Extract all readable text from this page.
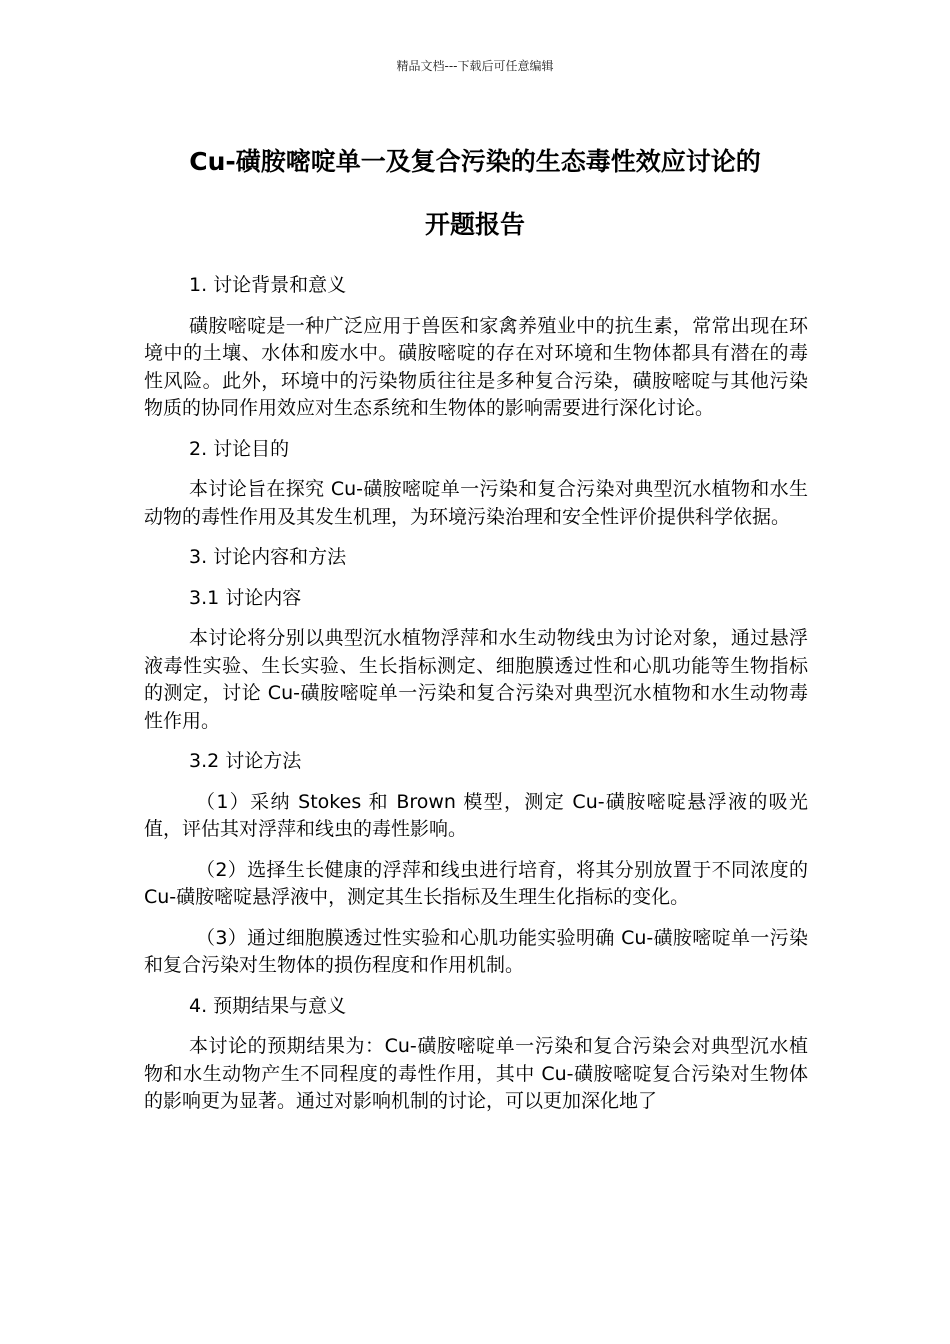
精品文档---下载后可任意编辑
Cu-磺胺嘧啶单一及复合污染的生态毒性效应讨论的
开题报告

1. 讨论背景和意义

磺胺嘧啶是一种广泛应用于兽医和家禽养殖业中的抗生素，常常出现在环境中的土壤、水体和废水中。磺胺嘧啶的存在对环境和生物体都具有潜在的毒性风险。此外，环境中的污染物质往往是多种复合污染，磺胺嘧啶与其他污染物质的协同作用效应对生态系统和生物体的影响需要进行深化讨论。

2. 讨论目的

本讨论旨在探究 Cu-磺胺嘧啶单一污染和复合污染对典型沉水植物和水生动物的毒性作用及其发生机理，为环境污染治理和安全性评价提供科学依据。

3. 讨论内容和方法

3.1 讨论内容

本讨论将分别以典型沉水植物浮萍和水生动物线虫为讨论对象，通过悬浮液毒性实验、生长实验、生长指标测定、细胞膜透过性和心肌功能等生物指标的测定，讨论 Cu-磺胺嘧啶单一污染和复合污染对典型沉水植物和水生动物毒性作用。

3.2 讨论方法

（1）采纳 Stokes 和 Brown 模型，测定 Cu-磺胺嘧啶悬浮液的吸光值，评估其对浮萍和线虫的毒性影响。

（2）选择生长健康的浮萍和线虫进行培育，将其分别放置于不同浓度的 Cu-磺胺嘧啶悬浮液中，测定其生长指标及生理生化指标的变化。

（3）通过细胞膜透过性实验和心肌功能实验明确 Cu-磺胺嘧啶单一污染和复合污染对生物体的损伤程度和作用机制。

4. 预期结果与意义

本讨论的预期结果为：Cu-磺胺嘧啶单一污染和复合污染会对典型沉水植物和水生动物产生不同程度的毒性作用，其中 Cu-磺胺嘧啶复合污染对生物体的影响更为显著。通过对影响机制的讨论，可以更加深化地了
